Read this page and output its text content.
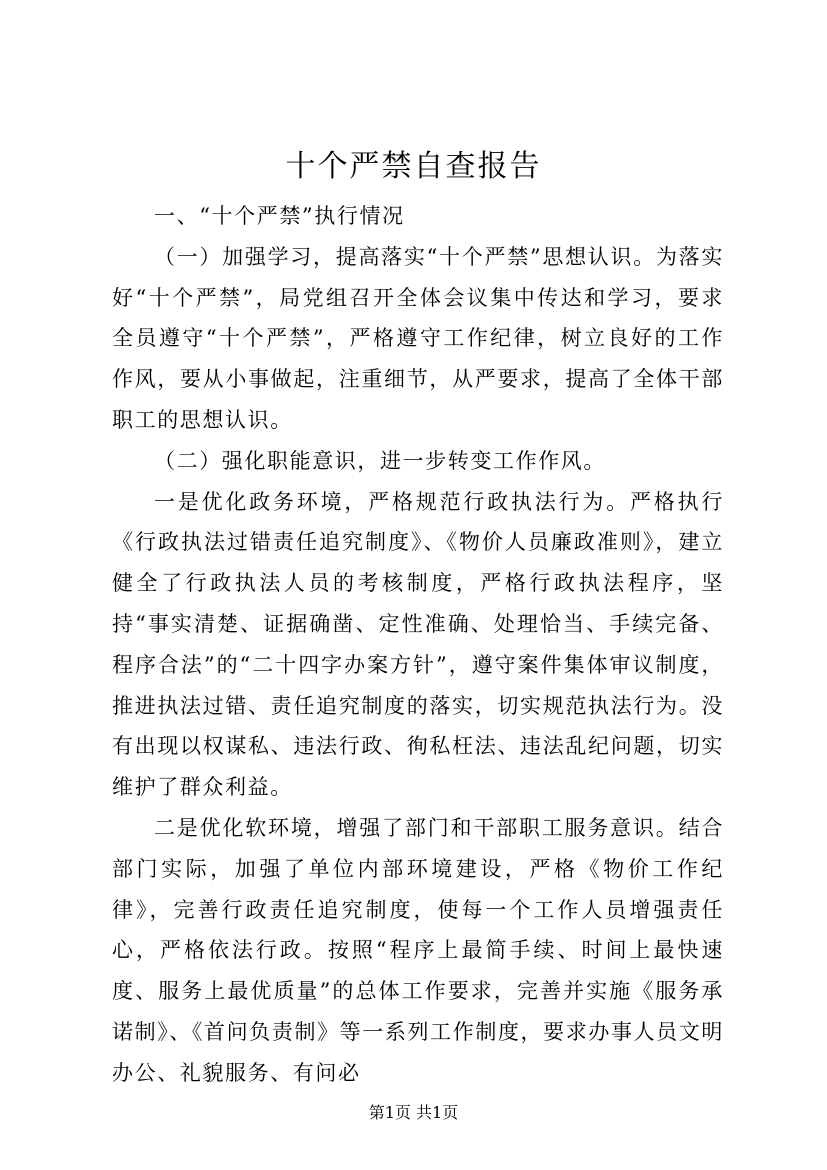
十个严禁自查报告

一、“十个严禁”执行情况

（一）加强学习，提高落实“十个严禁”思想认识。为落实好“十个严禁”，局党组召开全体会议集中传达和学习，要求全员遵守“十个严禁”，严格遵守工作纪律，树立良好的工作作风，要从小事做起，注重细节，从严要求，提高了全体干部职工的思想认识。

（二）强化职能意识，进一步转变工作作风。

一是优化政务环境，严格规范行政执法行为。严格执行《行政执法过错责任追究制度》、《物价人员廉政准则》，建立健全了行政执法人员的考核制度，严格行政执法程序，坚持“事实清楚、证据确凿、定性准确、处理恰当、手续完备、程序合法”的“二十四字办案方针”，遵守案件集体审议制度，推进执法过错、责任追究制度的落实，切实规范执法行为。没有出现以权谋私、违法行政、徇私枉法、违法乱纪问题，切实维护了群众利益。

二是优化软环境，增强了部门和干部职工服务意识。结合部门实际，加强了单位内部环境建设，严格《物价工作纪律》，完善行政责任追究制度，使每一个工作人员增强责任心，严格依法行政。按照“程序上最简手续、时间上最快速度、服务上最优质量”的总体工作要求，完善并实施《服务承诺制》、《首问负责制》等一系列工作制度，要求办事人员文明办公、礼貌服务、有问必

第1页 共1页
